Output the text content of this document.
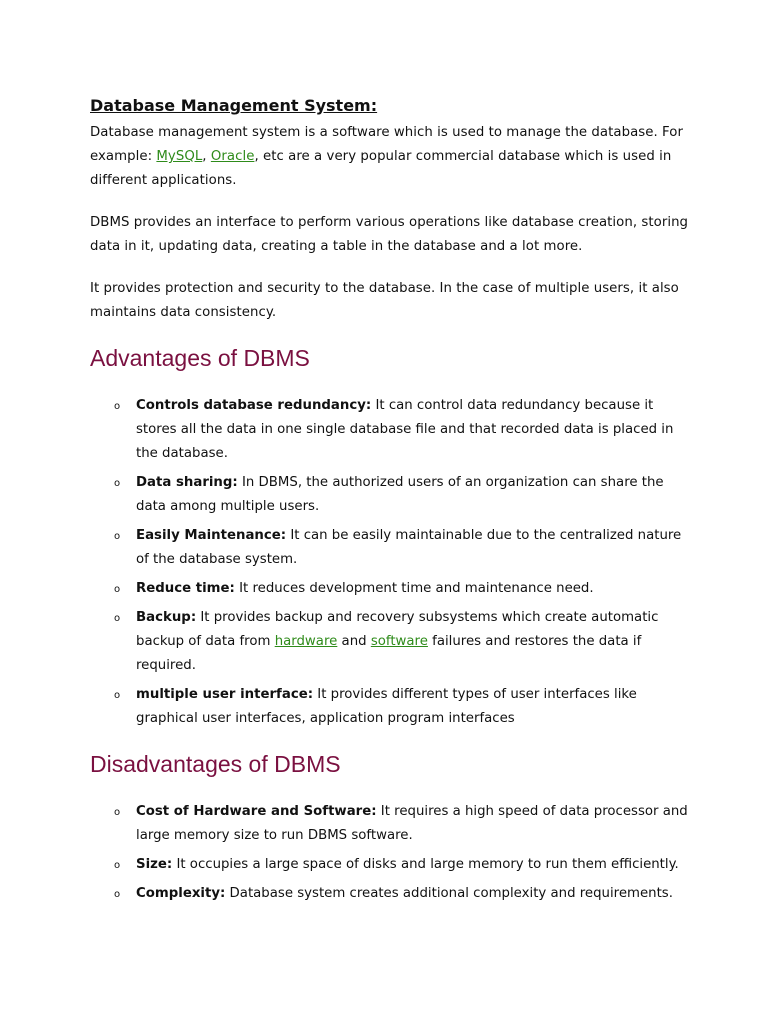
Database Management System:

Database management system is a software which is used to manage the database. For example: MySQL, Oracle, etc are a very popular commercial database which is used in different applications.

DBMS provides an interface to perform various operations like database creation, storing data in it, updating data, creating a table in the database and a lot more.

It provides protection and security to the database. In the case of multiple users, it also maintains data consistency.

Advantages of DBMS
o Controls database redundancy: It can control data redundancy because it stores all the data in one single database file and that recorded data is placed in the database.
o Data sharing: In DBMS, the authorized users of an organization can share the data among multiple users.
o Easily Maintenance: It can be easily maintainable due to the centralized nature of the database system.
o Reduce time: It reduces development time and maintenance need.
o Backup: It provides backup and recovery subsystems which create automatic backup of data from hardware and software failures and restores the data if required.
o multiple user interface: It provides different types of user interfaces like graphical user interfaces, application program interfaces
Disadvantages of DBMS
o Cost of Hardware and Software: It requires a high speed of data processor and large memory size to run DBMS software.
o Size: It occupies a large space of disks and large memory to run them efficiently.
o Complexity: Database system creates additional complexity and requirements.
